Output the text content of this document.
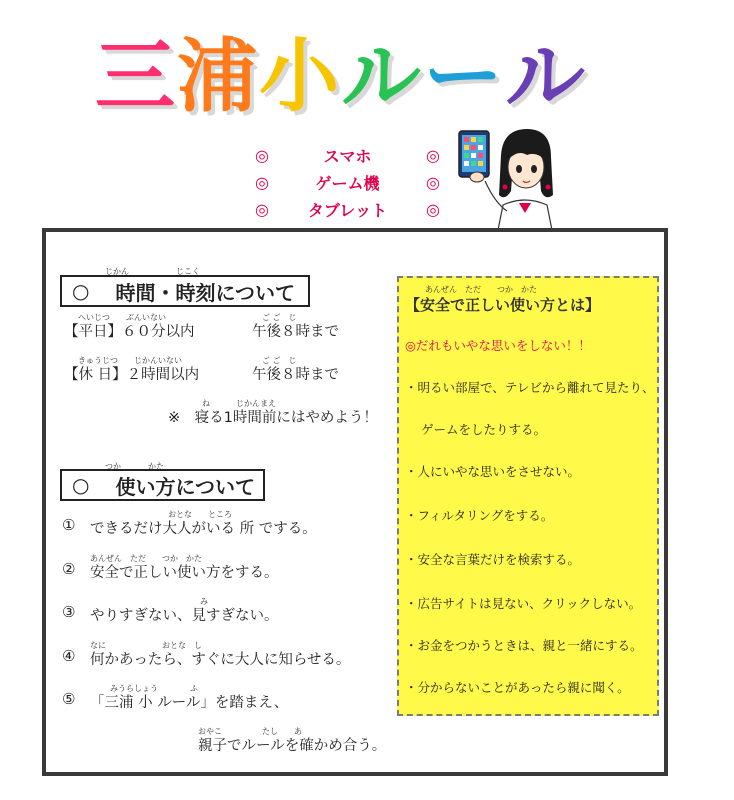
三 浦 小 ル ー ル
◎	スマホ	◎
◎	ゲーム機	◎
◎ タブレット ◎
じかん	じこく
○ 時間・時刻について
へいじつ　　ぶんいない	ご ご　じ
【平日】６０分以内	午後８時まで
きゅうじつ　　じかんいない	ご ご　じ
【休 日】２時間以内	午後８時まで
ね	じかんまえ
※　寝る1時間前にはやめよう！
つか	かた
○ 使い方について
①
おとな　　ところ
できるだけ大人がいる 所 でする。
②
あんぜん　ただ　　つか　かた
安全で正しい使い方をする。
③
み
やりすぎない、見すぎない。
④
なに　　　　　　　おとな　し
何かあったら、すぐに大人に知らせる。
⑤
みうらしょう　　　　ふ
「三浦 小 ルール」を踏まえ、
おやこ　　　　　たし　　あ
親子でルールを確かめ合う。
あんぜん　ただ　　つか　かた
【安全で正しい使い方とは】
◎だれもいやな思いをしない！！
・明るい部屋で、テレビから離れて見たり、
ゲームをしたりする。
・人にいやな思いをさせない。
・フィルタリングをする。
・安全な言葉だけを検索する。
・広告サイトは見ない、クリックしない。
・お金をつかうときは、親と一緒にする。
・分からないことがあったら親に聞く。
